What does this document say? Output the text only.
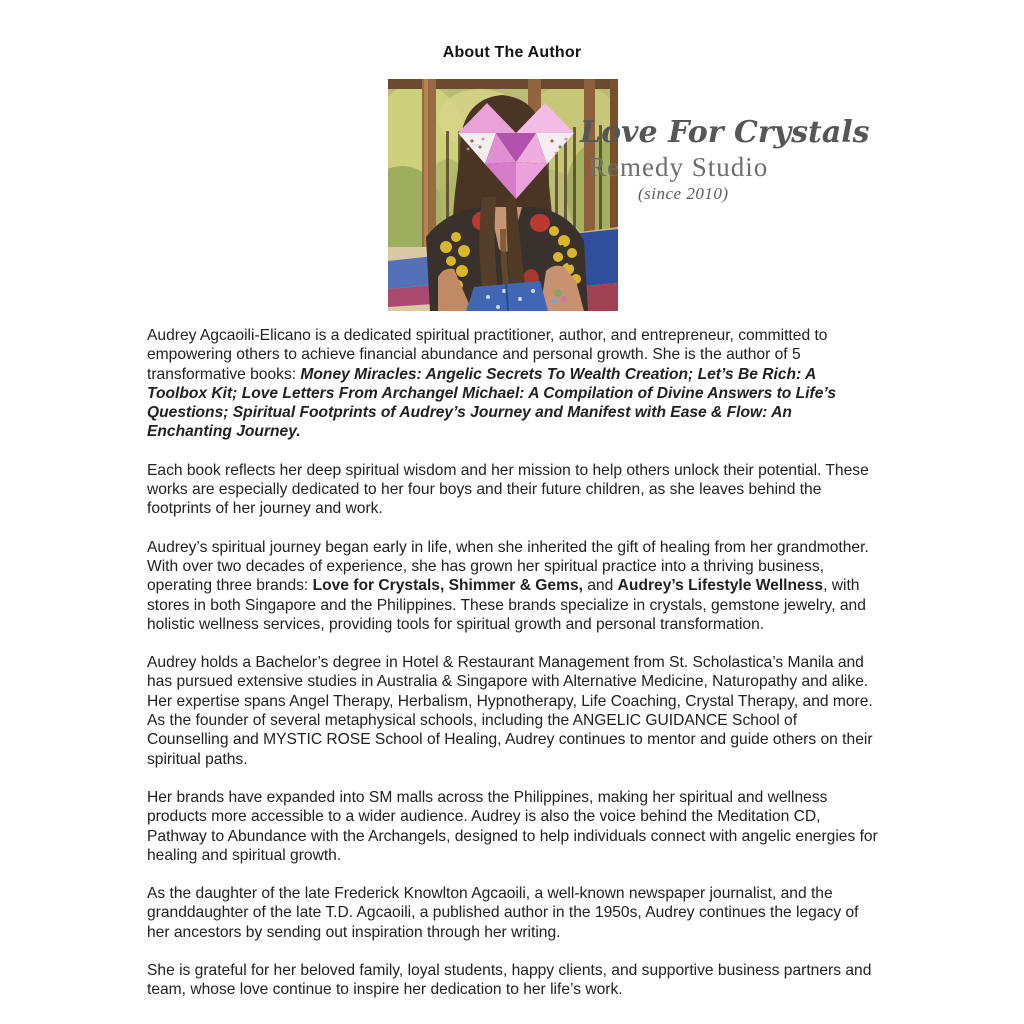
About The Author
Love For Crystals
Remedy Studio
(since 2010)

Audrey Agcaoili-Elicano is a dedicated spiritual practitioner, author, and entrepreneur, committed to empowering others to achieve financial abundance and personal growth. She is the author of 5 transformative books: Money Miracles: Angelic Secrets To Wealth Creation; Let’s Be Rich: A Toolbox Kit; Love Letters From Archangel Michael: A Compilation of Divine Answers to Life’s Questions; Spiritual Footprints of Audrey’s Journey and Manifest with Ease & Flow: An Enchanting Journey.

Each book reflects her deep spiritual wisdom and her mission to help others unlock their potential. These works are especially dedicated to her four boys and their future children, as she leaves behind the footprints of her journey and work.

Audrey’s spiritual journey began early in life, when she inherited the gift of healing from her grandmother. With over two decades of experience, she has grown her spiritual practice into a thriving business, operating three brands: Love for Crystals, Shimmer & Gems, and Audrey’s Lifestyle Wellness, with stores in both Singapore and the Philippines. These brands specialize in crystals, gemstone jewelry, and holistic wellness services, providing tools for spiritual growth and personal transformation.

Audrey holds a Bachelor’s degree in Hotel & Restaurant Management from St. Scholastica’s Manila and has pursued extensive studies in Australia & Singapore with Alternative Medicine, Naturopathy and alike. Her expertise spans Angel Therapy, Herbalism, Hypnotherapy, Life Coaching, Crystal Therapy, and more. As the founder of several metaphysical schools, including the ANGELIC GUIDANCE School of Counselling and MYSTIC ROSE School of Healing, Audrey continues to mentor and guide others on their spiritual paths.

Her brands have expanded into SM malls across the Philippines, making her spiritual and wellness products more accessible to a wider audience. Audrey is also the voice behind the Meditation CD, Pathway to Abundance with the Archangels, designed to help individuals connect with angelic energies for healing and spiritual growth.

As the daughter of the late Frederick Knowlton Agcaoili, a well-known newspaper journalist, and the granddaughter of the late T.D. Agcaoili, a published author in the 1950s, Audrey continues the legacy of her ancestors by sending out inspiration through her writing.

She is grateful for her beloved family, loyal students, happy clients, and supportive business partners and team, whose love continue to inspire her dedication to her life’s work.
